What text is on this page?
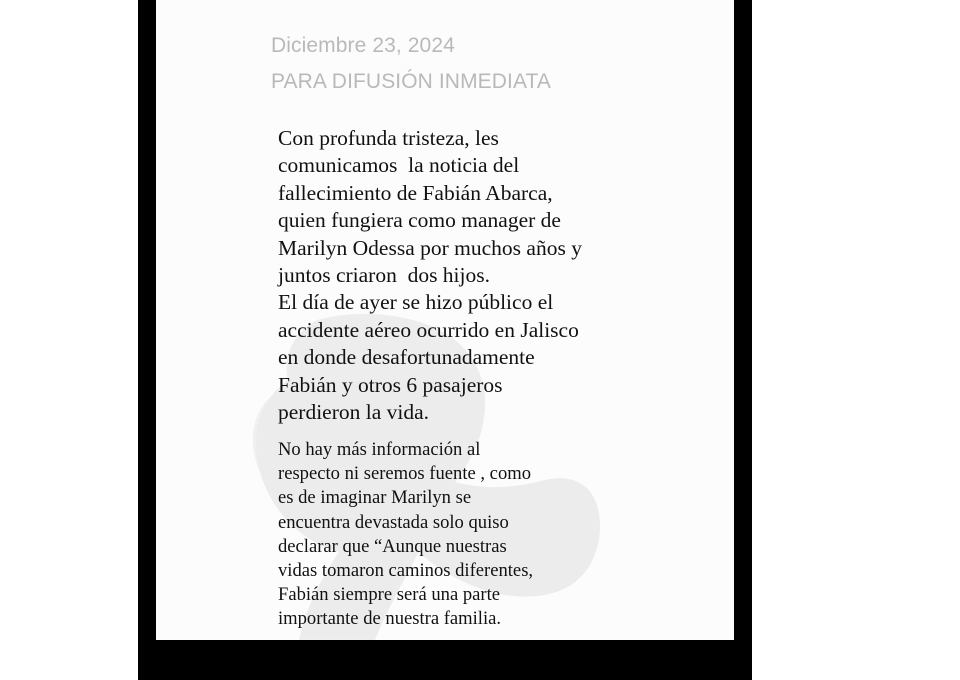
Diciembre 23, 2024
PARA DIFUSIÓN INMEDIATA
Con profunda tristeza, les
comunicamos  la noticia del
fallecimiento de Fabián Abarca,
quien fungiera como manager de
Marilyn Odessa por muchos años y
juntos criaron  dos hijos.
El día de ayer se hizo público el
accidente aéreo ocurrido en Jalisco
en donde desafortunadamente
Fabián y otros 6 pasajeros
perdieron la vida.
No hay más información al
respecto ni seremos fuente , como
es de imaginar Marilyn se
encuentra devastada solo quiso
declarar que “Aunque nuestras
vidas tomaron caminos diferentes,
Fabián siempre será una parte
importante de nuestra familia.
